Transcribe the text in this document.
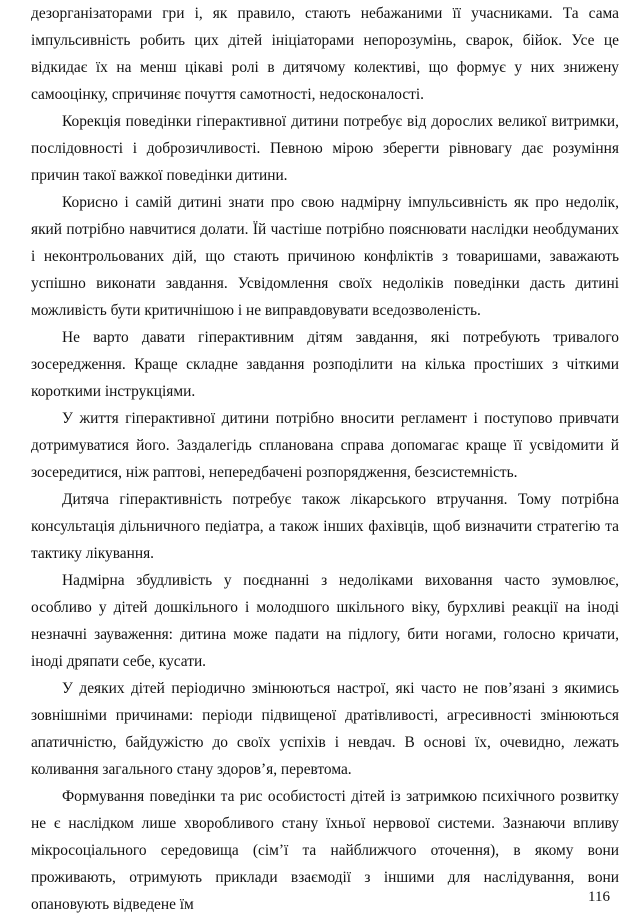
дезорганізаторами гри і, як правило, стають небажаними її учасниками. Та сама імпульсивність робить цих дітей ініціаторами непорозумінь, сварок, бійок. Усе це відкидає їх на менш цікаві ролі в дитячому колективі, що формує у них знижену самооцінку, спричиняє почуття самотності, недосконалості.

Корекція поведінки гіперактивної дитини потребує від дорослих великої витримки, послідовності і доброзичливості. Певною мірою зберегти рівновагу дає розуміння причин такої важкої поведінки дитини.

Корисно і самій дитині знати про свою надмірну імпульсивність як про недолік, який потрібно навчитися долати. Їй частіше потрібно пояснювати наслідки необдуманих і неконтрольованих дій, що стають причиною конфліктів з товаришами, заважають успішно виконати завдання. Усвідомлення своїх недоліків поведінки дасть дитині можливість бути критичнішою і не виправдовувати вседозволеність.

Не варто давати гіперактивним дітям завдання, які потребують тривалого зосередження. Краще складне завдання розподілити на кілька простіших з чіткими короткими інструкціями.

У життя гіперактивної дитини потрібно вносити регламент і поступово привчати дотримуватися його. Заздалегідь спланована справа допомагає краще її усвідомити й зосередитися, ніж раптові, непередбачені розпорядження, безсистемність.

Дитяча гіперактивність потребує також лікарського втручання. Тому потрібна консультація дільничного педіатра, а також інших фахівців, щоб визначити стратегію та тактику лікування.

Надмірна збудливість у поєднанні з недоліками виховання часто зумовлює, особливо у дітей дошкільного і молодшого шкільного віку, бурхливі реакції на іноді незначні зауваження: дитина може падати на підлогу, бити ногами, голосно кричати, іноді дряпати себе, кусати.

У деяких дітей періодично змінюються настрої, які часто не пов’язані з якимись зовнішніми причинами: періоди підвищеної дратівливості, агресивності змінюються апатичністю, байдужістю до своїх успіхів і невдач. В основі їх, очевидно, лежать коливання загального стану здоров’я, перевтома.

Формування поведінки та рис особистості дітей із затримкою психічного розвитку не є наслідком лише хворобливого стану їхньої нервової системи. Зазнаючи впливу мікросоціального середовища (сім’ї та найближчого оточення), в якому вони проживають, отримують приклади взаємодії з іншими для наслідування, вони опановують відведене їм	116
